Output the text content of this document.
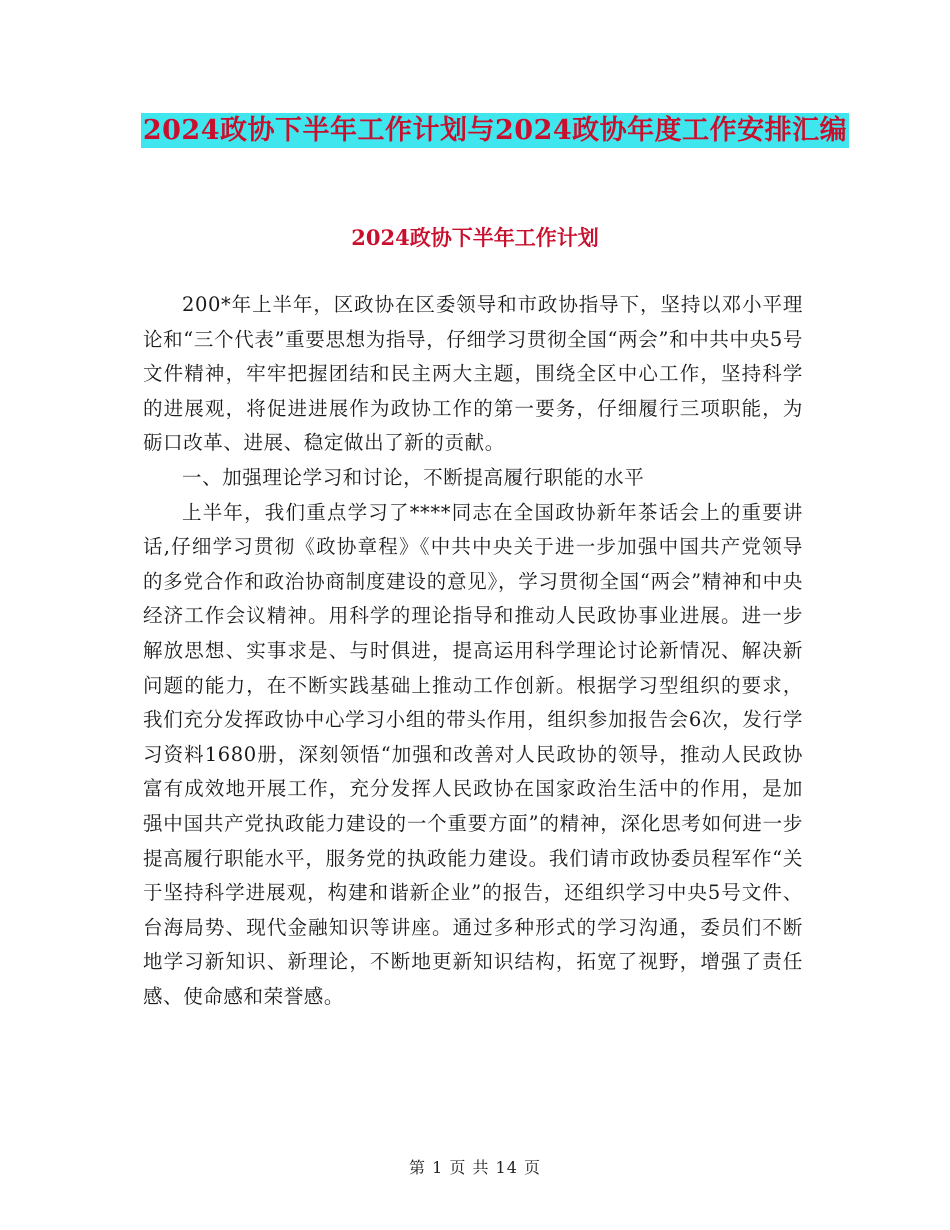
2024政协下半年工作计划与2024政协年度工作安排汇编
2024政协下半年工作计划

200*年上半年，区政协在区委领导和市政协指导下，坚持以邓小平理论和“三个代表”重要思想为指导，仔细学习贯彻全国“两会”和中共中央5号文件精神，牢牢把握团结和民主两大主题，围绕全区中心工作，坚持科学的进展观，将促进进展作为政协工作的第一要务，仔细履行三项职能，为砺口改革、进展、稳定做出了新的贡献。

一、加强理论学习和讨论，不断提高履行职能的水平

上半年，我们重点学习了****同志在全国政协新年茶话会上的重要讲话,仔细学习贯彻《政协章程》《中共中央关于进一步加强中国共产党领导的多党合作和政治协商制度建设的意见》，学习贯彻全国“两会”精神和中央经济工作会议精神。用科学的理论指导和推动人民政协事业进展。进一步解放思想、实事求是、与时俱进，提高运用科学理论讨论新情况、解决新问题的能力，在不断实践基础上推动工作创新。根据学习型组织的要求，我们充分发挥政协中心学习小组的带头作用，组织参加报告会6次，发行学习资料1680册，深刻领悟“加强和改善对人民政协的领导，推动人民政协富有成效地开展工作，充分发挥人民政协在国家政治生活中的作用，是加强中国共产党执政能力建设的一个重要方面”的精神，深化思考如何进一步提高履行职能水平，服务党的执政能力建设。我们请市政协委员程军作“关于坚持科学进展观，构建和谐新企业”的报告，还组织学习中央5号文件、台海局势、现代金融知识等讲座。通过多种形式的学习沟通，委员们不断地学习新知识、新理论，不断地更新知识结构，拓宽了视野，增强了责任感、使命感和荣誉感。

第 1 页 共 14 页
